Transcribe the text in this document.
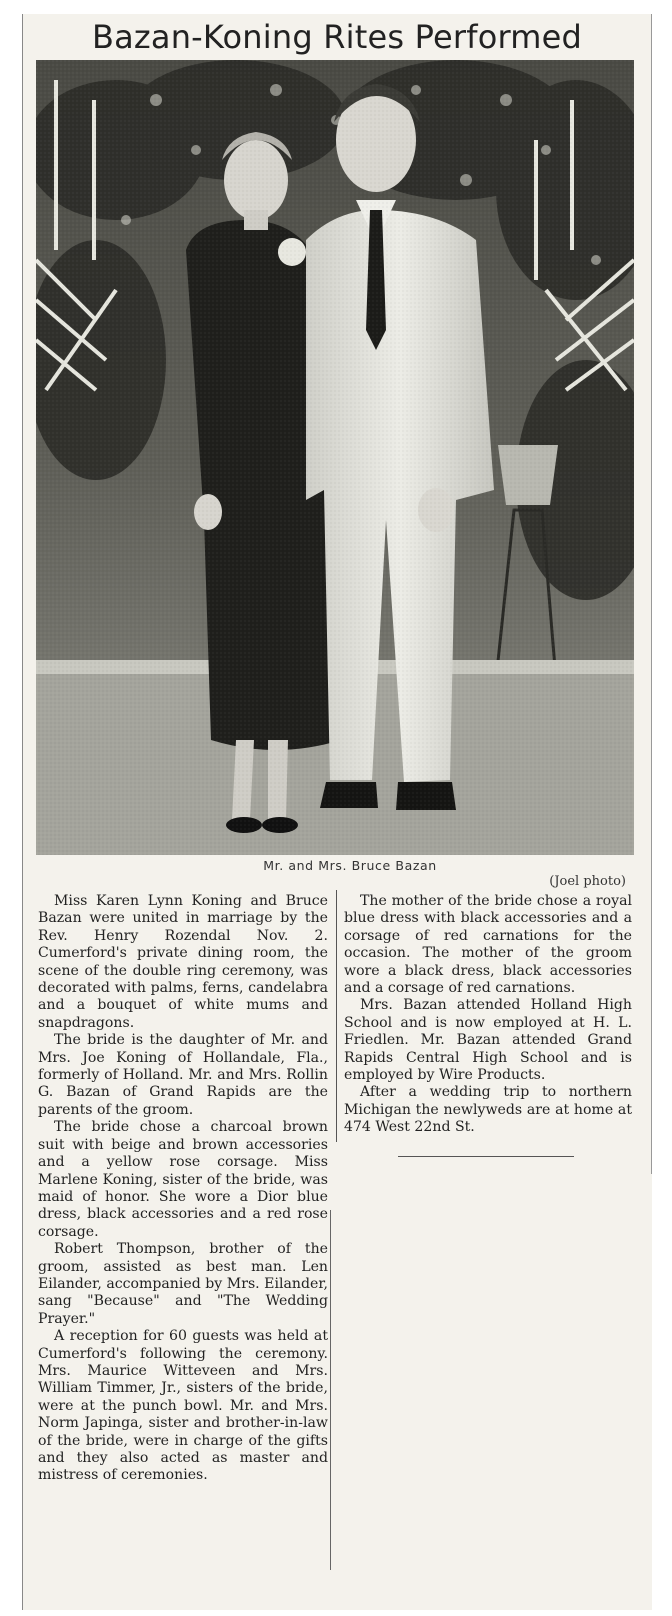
Bazan-Koning Rites Performed
Mr. and Mrs. Bruce Bazan
(Joel photo)

Miss Karen Lynn Koning and Bruce Bazan were united in marriage by the Rev. Henry Rozendal Nov. 2. Cumerford's private dining room, the scene of the double ring ceremony, was decorated with palms, ferns, candelabra and a bouquet of white mums and snapdragons.

The bride is the daughter of Mr. and Mrs. Joe Koning of Hollandale, Fla., formerly of Holland. Mr. and Mrs. Rollin G. Bazan of Grand Rapids are the parents of the groom.

The bride chose a charcoal brown suit with beige and brown accessories and a yellow rose corsage. Miss Marlene Koning, sister of the bride, was maid of honor. She wore a Dior blue dress, black accessories and a red rose corsage.

Robert Thompson, brother of the groom, assisted as best man. Len Eilander, accompanied by Mrs. Eilander, sang "Because" and "The Wedding Prayer."

A reception for 60 guests was held at Cumerford's following the ceremony. Mrs. Maurice Witteveen and Mrs. William Timmer, Jr., sisters of the bride, were at the punch bowl. Mr. and Mrs. Norm Japinga, sister and brother-in-law of the bride, were in charge of the gifts and they also acted as master and mistress of ceremonies.

The mother of the bride chose a royal blue dress with black accessories and a corsage of red carnations for the occasion. The mother of the groom wore a black dress, black accessories and a corsage of red carnations.

Mrs. Bazan attended Holland High School and is now employed at H. L. Friedlen. Mr. Bazan attended Grand Rapids Central High School and is employed by Wire Products.

After a wedding trip to northern Michigan the newlyweds are at home at 474 West 22nd St.
